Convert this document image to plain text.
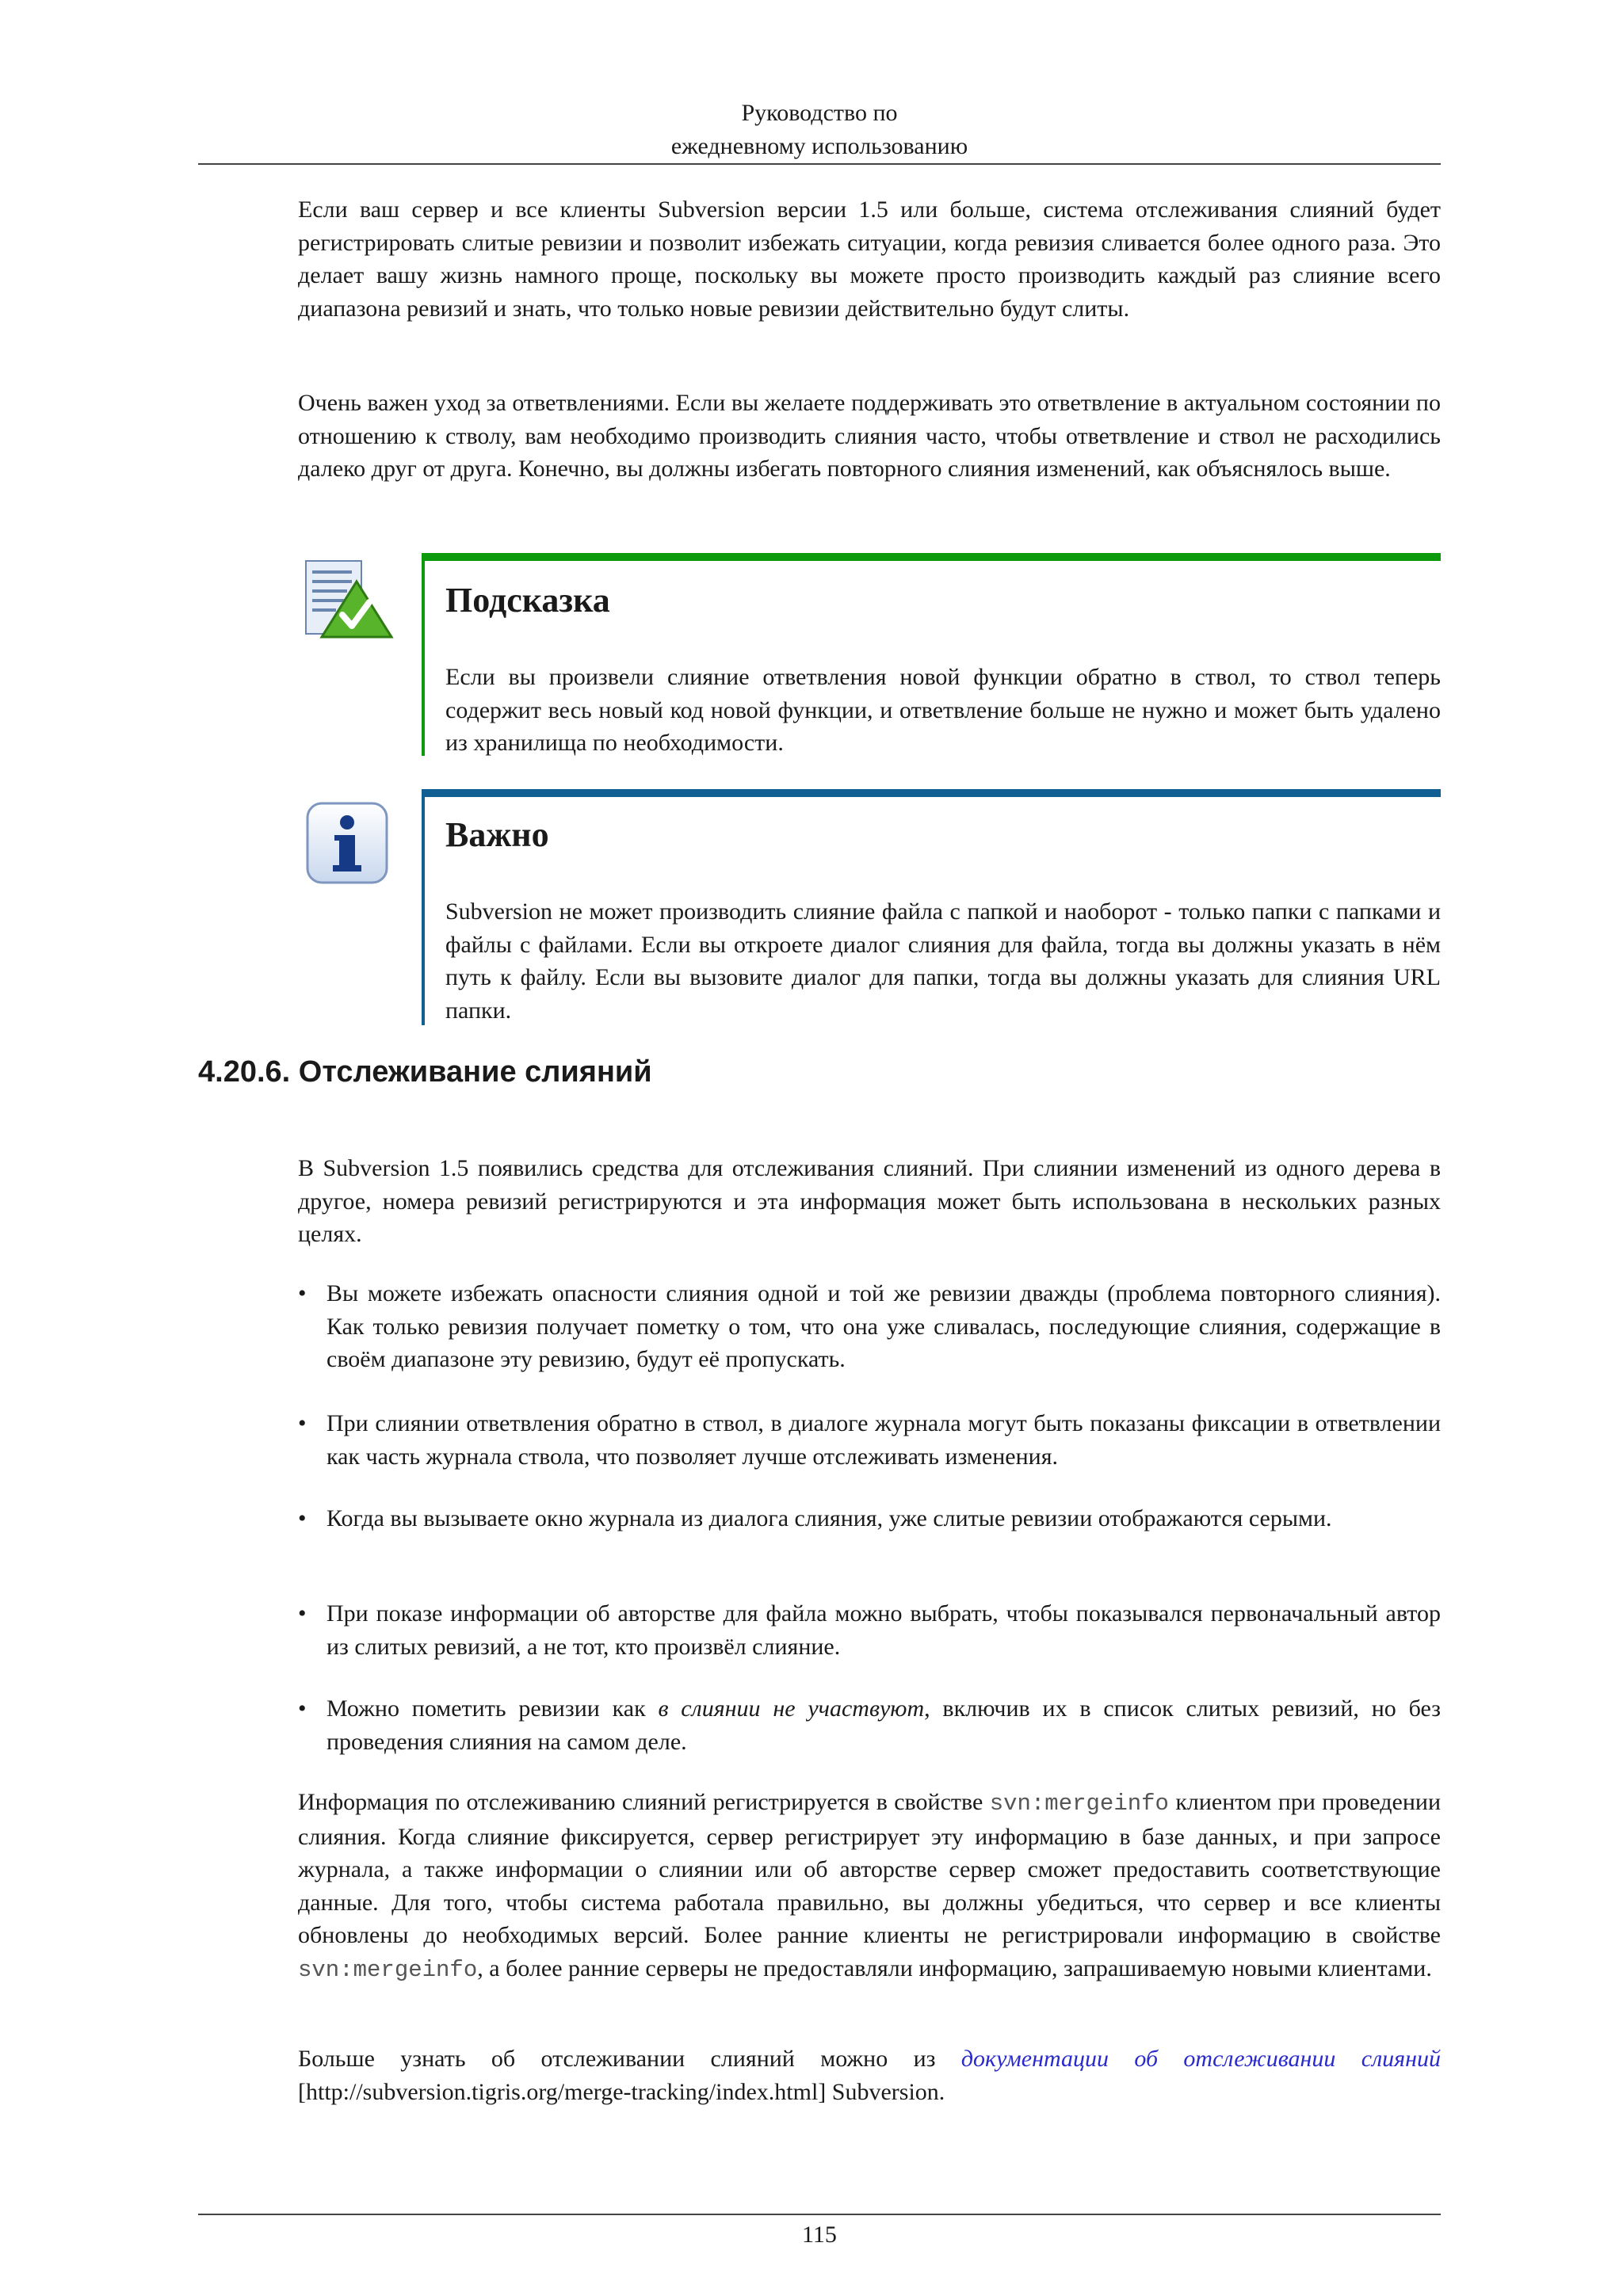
Руководство по
ежедневному использованию

Если ваш сервер и все клиенты Subversion версии 1.5 или больше, система отслеживания слияний будет регистрировать слитые ревизии и позволит избежать ситуации, когда ревизия сливается более одного раза. Это делает вашу жизнь намного проще, поскольку вы можете просто производить каждый раз слияние всего диапазона ревизий и знать, что только новые ревизии действительно будут слиты.

Очень важен уход за ответвлениями. Если вы желаете поддерживать это ответвление в актуальном состоянии по отношению к стволу, вам необходимо производить слияния часто, чтобы ответвление и ствол не расходились далеко друг от друга. Конечно, вы должны избегать повторного слияния изменений, как объяснялось выше.

Подсказка

Если вы произвели слияние ответвления новой функции обратно в ствол, то ствол теперь содержит весь новый код новой функции, и ответвление больше не нужно и может быть удалено из хранилища по необходимости.

Важно

Subversion не может производить слияние файла с папкой и наоборот - только папки с папками и файлы с файлами. Если вы откроете диалог слияния для файла, тогда вы должны указать в нём путь к файлу. Если вы вызовите диалог для папки, тогда вы должны указать для слияния URL папки.

4.20.6. Отслеживание слияний

В Subversion 1.5 появились средства для отслеживания слияний. При слиянии изменений из одного дерева в другое, номера ревизий регистрируются и эта информация может быть использована в нескольких разных целях.

• Вы можете избежать опасности слияния одной и той же ревизии дважды (проблема повторного слияния). Как только ревизия получает пометку о том, что она уже сливалась, последующие слияния, содержащие в своём диапазоне эту ревизию, будут её пропускать.
• При слиянии ответвления обратно в ствол, в диалоге журнала могут быть показаны фиксации в ответвлении как часть журнала ствола, что позволяет лучше отслеживать изменения.
• Когда вы вызываете окно журнала из диалога слияния, уже слитые ревизии отображаются серыми.
• При показе информации об авторстве для файла можно выбрать, чтобы показывался первоначальный автор из слитых ревизий, а не тот, кто произвёл слияние.
• Можно пометить ревизии как в слиянии не участвуют, включив их в список слитых ревизий, но без проведения слияния на самом деле.

Информация по отслеживанию слияний регистрируется в свойстве svn:mergeinfo клиентом при проведении слияния. Когда слияние фиксируется, сервер регистрирует эту информацию в базе данных, и при запросе журнала, а также информации о слиянии или об авторстве сервер сможет предоставить соответствующие данные. Для того, чтобы система работала правильно, вы должны убедиться, что сервер и все клиенты обновлены до необходимых версий. Более ранние клиенты не регистрировали информацию в свойстве svn:mergeinfo, а более ранние серверы не предоставляли информацию, запрашиваемую новыми клиентами.

Больше узнать об отслеживании слияний можно из документации об отслеживании слияний [http://subversion.tigris.org/merge-tracking/index.html] Subversion.

115
